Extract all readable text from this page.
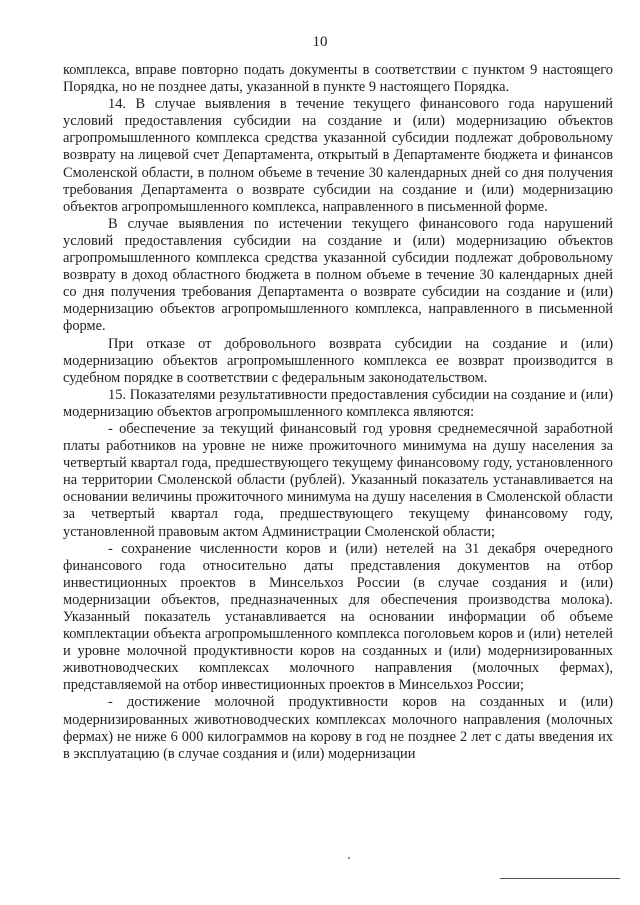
10

комплекса, вправе повторно подать документы в соответствии с пунктом 9 настоящего Порядка, но не позднее даты, указанной в пункте 9 настоящего Порядка.

14. В случае выявления в течение текущего финансового года нарушений условий предоставления субсидии на создание и (или) модернизацию объектов агропромышленного комплекса средства указанной субсидии подлежат добровольному возврату на лицевой счет Департамента, открытый в Департаменте бюджета и финансов Смоленской области, в полном объеме в течение 30 календарных дней со дня получения требования Департамента о возврате субсидии на создание и (или) модернизацию объектов агропромышленного комплекса, направленного в письменной форме.

В случае выявления по истечении текущего финансового года нарушений условий предоставления субсидии на создание и (или) модернизацию объектов агропромышленного комплекса средства указанной субсидии подлежат добровольному возврату в доход областного бюджета в полном объеме в течение 30 календарных дней со дня получения требования Департамента о возврате субсидии на создание и (или) модернизацию объектов агропромышленного комплекса, направленного в письменной форме.

При отказе от добровольного возврата субсидии на создание и (или) модернизацию объектов агропромышленного комплекса ее возврат производится в судебном порядке в соответствии с федеральным законодательством.

15. Показателями результативности предоставления субсидии на создание и (или) модернизацию объектов агропромышленного комплекса являются:

- обеспечение за текущий финансовый год уровня среднемесячной заработной платы работников на уровне не ниже прожиточного минимума на душу населения за четвертый квартал года, предшествующего текущему финансовому году, установленного на территории Смоленской области (рублей). Указанный показатель устанавливается на основании величины прожиточного минимума на душу населения в Смоленской области за четвертый квартал года, предшествующего текущему финансовому году, установленной правовым актом Администрации Смоленской области;

- сохранение численности коров и (или) нетелей на 31 декабря очередного финансового года относительно даты представления документов на отбор инвестиционных проектов в Минсельхоз России (в случае создания и (или) модернизации объектов, предназначенных для обеспечения производства молока). Указанный показатель устанавливается на основании информации об объеме комплектации объекта агропромышленного комплекса поголовьем коров и (или) нетелей и уровне молочной продуктивности коров на созданных и (или) модернизированных животноводческих комплексах молочного направления (молочных фермах), представляемой на отбор инвестиционных проектов в Минсельхоз России;

- достижение молочной продуктивности коров на созданных и (или) модернизированных животноводческих комплексах молочного направления (молочных фермах) не ниже 6 000 килограммов на корову в год не позднее 2 лет с даты введения их в эксплуатацию (в случае создания и (или) модернизации
